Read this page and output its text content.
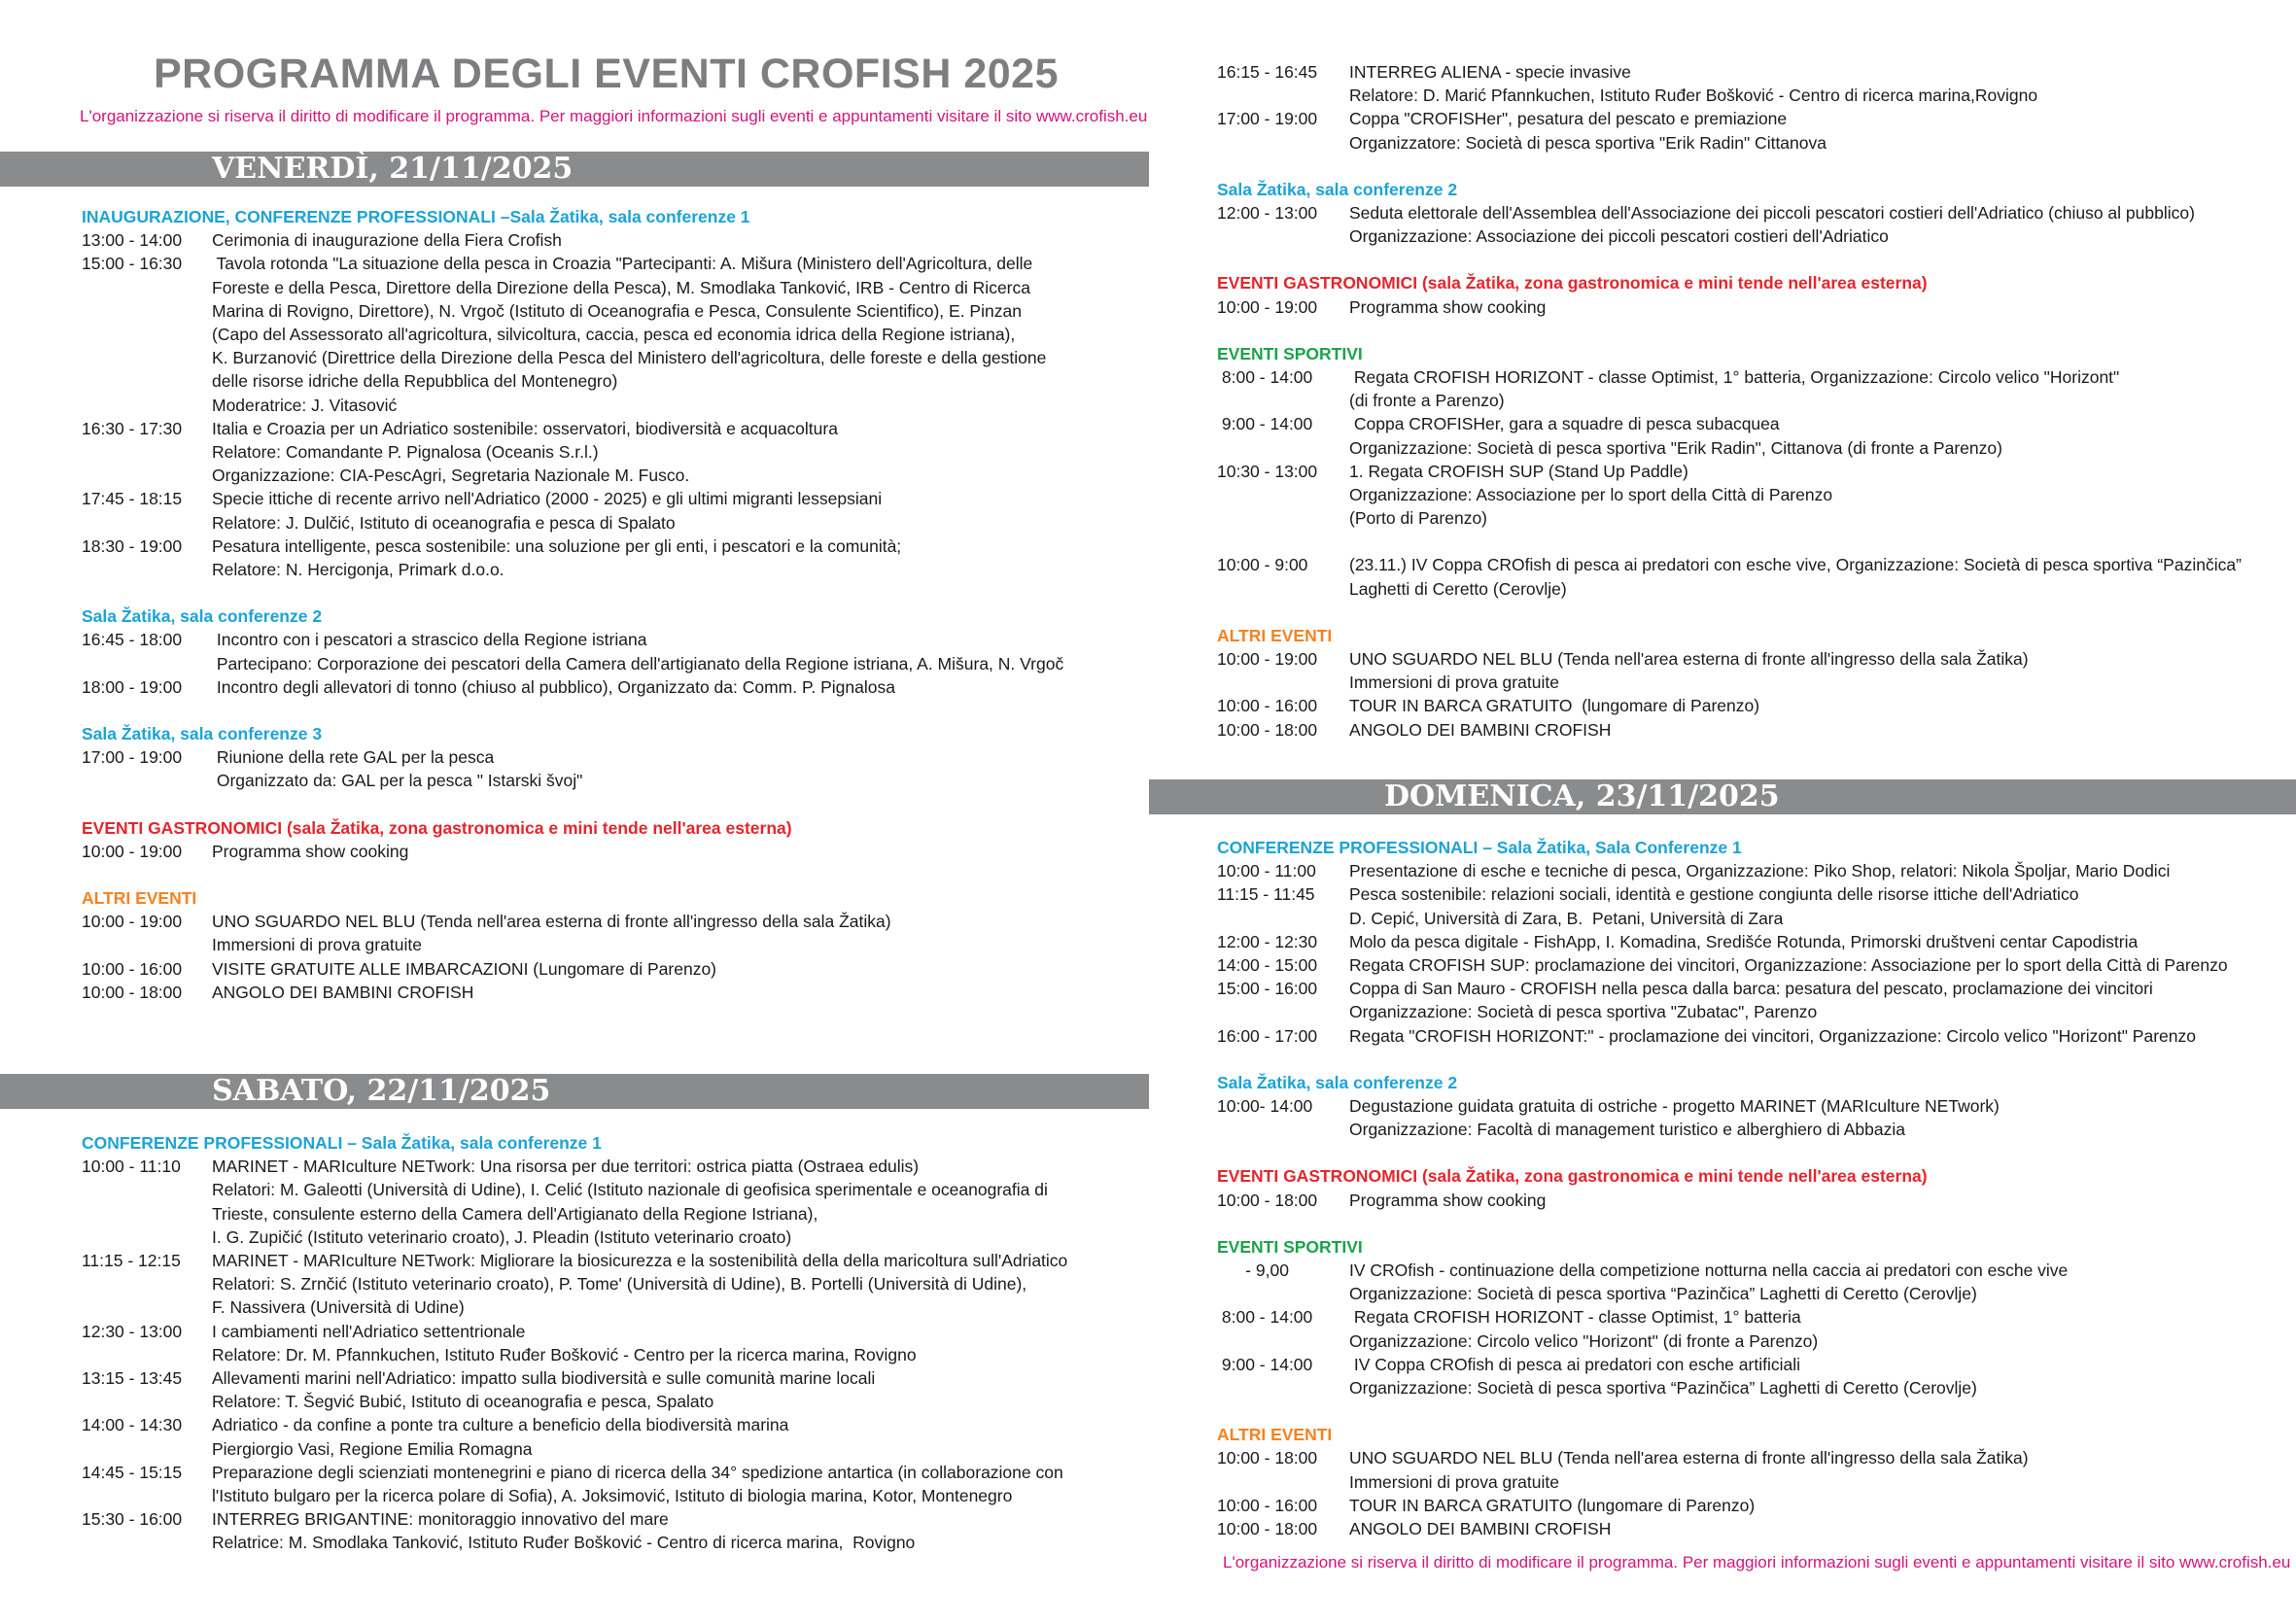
PROGRAMMA DEGLI EVENTI CROFISH 2025
L'organizzazione si riserva il diritto di modificare il programma. Per maggiori informazioni sugli eventi e appuntamenti visitare il sito www.crofish.eu
VENERDÌ, 21/11/2025
INAUGURAZIONE, CONFERENZE PROFESSIONALI –Sala Žatika, sala conferenze 1
13:00 - 14:00	Cerimonia di inaugurazione della Fiera Crofish
15:00 - 16:30	Tavola rotonda "La situazione della pesca in Croazia "Partecipanti: A. Mišura (Ministero dell'Agricoltura, delle
Foreste e della Pesca, Direttore della Direzione della Pesca), M. Smodlaka Tanković, IRB - Centro di Ricerca
Marina di Rovigno, Direttore), N. Vrgoč (Istituto di Oceanografia e Pesca, Consulente Scientifico), E. Pinzan
(Capo del Assessorato all'agricoltura, silvicoltura, caccia, pesca ed economia idrica della Regione istriana),
K. Burzanović (Direttrice della Direzione della Pesca del Ministero dell'agricoltura, delle foreste e della gestione
delle risorse idriche della Repubblica del Montenegro)
Moderatrice: J. Vitasović
16:30 - 17:30	Italia e Croazia per un Adriatico sostenibile: osservatori, biodiversità e acquacoltura
Relatore: Comandante P. Pignalosa (Oceanis S.r.l.)
Organizzazione: CIA-PescAgri, Segretaria Nazionale M. Fusco.
17:45 - 18:15	Specie ittiche di recente arrivo nell'Adriatico (2000 - 2025) e gli ultimi migranti lessepsiani
Relatore: J. Dulčić, Istituto di oceanografia e pesca di Spalato
18:30 - 19:00	Pesatura intelligente, pesca sostenibile: una soluzione per gli enti, i pescatori e la comunità;
Relatore: N. Hercigonja, Primark d.o.o.
Sala Žatika, sala conferenze 2
16:45 - 18:00	Incontro con i pescatori a strascico della Regione istriana
Partecipano: Corporazione dei pescatori della Camera dell'artigianato della Regione istriana, A. Mišura, N. Vrgoč
18:00 - 19:00	Incontro degli allevatori di tonno (chiuso al pubblico), Organizzato da: Comm. P. Pignalosa
Sala Žatika, sala conferenze 3
17:00 - 19:00	Riunione della rete GAL per la pesca
Organizzato da: GAL per la pesca " Istarski švoj"
EVENTI GASTRONOMICI (sala Žatika, zona gastronomica e mini tende nell'area esterna)
10:00 - 19:00	Programma show cooking
ALTRI EVENTI
10:00 - 19:00	UNO SGUARDO NEL BLU (Tenda nell'area esterna di fronte all'ingresso della sala Žatika)
Immersioni di prova gratuite
10:00 - 16:00	VISITE GRATUITE ALLE IMBARCAZIONI (Lungomare di Parenzo)
10:00 - 18:00	ANGOLO DEI BAMBINI CROFISH
SABATO, 22/11/2025
CONFERENZE PROFESSIONALI – Sala Žatika, sala conferenze 1
10:00 - 11:10	MARINET - MARIculture NETwork: Una risorsa per due territori: ostrica piatta (Ostraea edulis)
Relatori: M. Galeotti (Università di Udine), I. Celić (Istituto nazionale di geofisica sperimentale e oceanografia di
Trieste, consulente esterno della Camera dell'Artigianato della Regione Istriana),
I. G. Zupičić (Istituto veterinario croato), J. Pleadin (Istituto veterinario croato)
11:15 - 12:15	MARINET - MARIculture NETwork: Migliorare la biosicurezza e la sostenibilità della della maricoltura sull'Adriatico
Relatori: S. Zrnčić (Istituto veterinario croato), P. Tome' (Università di Udine), B. Portelli (Università di Udine),
F. Nassivera (Università di Udine)
12:30 - 13:00	I cambiamenti nell'Adriatico settentrionale
Relatore: Dr. M. Pfannkuchen, Istituto Ruđer Bošković - Centro per la ricerca marina, Rovigno
13:15 - 13:45	Allevamenti marini nell'Adriatico: impatto sulla biodiversità e sulle comunità marine locali
Relatore: T. Šegvić Bubić, Istituto di oceanografia e pesca, Spalato
14:00 - 14:30	Adriatico - da confine a ponte tra culture a beneficio della biodiversità marina
Piergiorgio Vasi, Regione Emilia Romagna
14:45 - 15:15	Preparazione degli scienziati montenegrini e piano di ricerca della 34° spedizione antartica (in collaborazione con
l'Istituto bulgaro per la ricerca polare di Sofia), A. Joksimović, Istituto di biologia marina, Kotor, Montenegro
15:30 - 16:00	INTERREG BRIGANTINE: monitoraggio innovativo del mare
Relatrice: M. Smodlaka Tanković, Istituto Ruđer Bošković - Centro di ricerca marina,  Rovigno
16:15 - 16:45	INTERREG ALIENA - specie invasive
Relatore: D. Marić Pfannkuchen, Istituto Ruđer Bošković - Centro di ricerca marina,Rovigno
17:00 - 19:00	Coppa "CROFISHer", pesatura del pescato e premiazione
Organizzatore: Società di pesca sportiva "Erik Radin" Cittanova
Sala Žatika, sala conferenze 2
12:00 - 13:00	Seduta elettorale dell'Assemblea dell'Associazione dei piccoli pescatori costieri dell'Adriatico (chiuso al pubblico)
Organizzazione: Associazione dei piccoli pescatori costieri dell'Adriatico
EVENTI GASTRONOMICI (sala Žatika, zona gastronomica e mini tende nell'area esterna)
10:00 - 19:00	Programma show cooking
EVENTI SPORTIVI
8:00 - 14:00	Regata CROFISH HORIZONT - classe Optimist, 1° batteria, Organizzazione: Circolo velico "Horizont"
(di fronte a Parenzo)
9:00 - 14:00	Coppa CROFISHer, gara a squadre di pesca subacquea
Organizzazione: Società di pesca sportiva "Erik Radin", Cittanova (di fronte a Parenzo)
10:30 - 13:00	1. Regata CROFISH SUP (Stand Up Paddle)
Organizzazione: Associazione per lo sport della Città di Parenzo
(Porto di Parenzo)
10:00 - 9:00	(23.11.) IV Coppa CROfish di pesca ai predatori con esche vive, Organizzazione: Società di pesca sportiva “Pazinčica”
Laghetti di Ceretto (Cerovlje)
ALTRI EVENTI
10:00 - 19:00	UNO SGUARDO NEL BLU (Tenda nell'area esterna di fronte all'ingresso della sala Žatika)
Immersioni di prova gratuite
10:00 - 16:00	TOUR IN BARCA GRATUITO  (lungomare di Parenzo)
10:00 - 18:00	ANGOLO DEI BAMBINI CROFISH
DOMENICA, 23/11/2025
CONFERENZE PROFESSIONALI – Sala Žatika, Sala Conferenze 1
10:00 - 11:00	Presentazione di esche e tecniche di pesca, Organizzazione: Piko Shop, relatori: Nikola Špoljar, Mario Dodici
11:15 - 11:45	Pesca sostenibile: relazioni sociali, identità e gestione congiunta delle risorse ittiche dell'Adriatico
D. Cepić, Università di Zara, B.  Petani, Università di Zara
12:00 - 12:30	Molo da pesca digitale - FishApp, I. Komadina, Središće Rotunda, Primorski društveni centar Capodistria
14:00 - 15:00	Regata CROFISH SUP: proclamazione dei vincitori, Organizzazione: Associazione per lo sport della Città di Parenzo
15:00 - 16:00	Coppa di San Mauro - CROFISH nella pesca dalla barca: pesatura del pescato, proclamazione dei vincitori
Organizzazione: Società di pesca sportiva "Zubatac", Parenzo
16:00 - 17:00	Regata "CROFISH HORIZONT:" - proclamazione dei vincitori, Organizzazione: Circolo velico "Horizont" Parenzo
Sala Žatika, sala conferenze 2
10:00- 14:00	Degustazione guidata gratuita di ostriche - progetto MARINET (MARIculture NETwork)
Organizzazione: Facoltà di management turistico e alberghiero di Abbazia
EVENTI GASTRONOMICI (sala Žatika, zona gastronomica e mini tende nell'area esterna)
10:00 - 18:00	Programma show cooking
EVENTI SPORTIVI
- 9,00	IV CROfish - continuazione della competizione notturna nella caccia ai predatori con esche vive
Organizzazione: Società di pesca sportiva “Pazinčica” Laghetti di Ceretto (Cerovlje)
8:00 - 14:00	Regata CROFISH HORIZONT - classe Optimist, 1° batteria
Organizzazione: Circolo velico "Horizont" (di fronte a Parenzo)
9:00 - 14:00	IV Coppa CROfish di pesca ai predatori con esche artificiali
Organizzazione: Società di pesca sportiva “Pazinčica” Laghetti di Ceretto (Cerovlje)
ALTRI EVENTI
10:00 - 18:00	UNO SGUARDO NEL BLU (Tenda nell'area esterna di fronte all'ingresso della sala Žatika)
Immersioni di prova gratuite
10:00 - 16:00	TOUR IN BARCA GRATUITO (lungomare di Parenzo)
10:00 - 18:00	ANGOLO DEI BAMBINI CROFISH
L'organizzazione si riserva il diritto di modificare il programma. Per maggiori informazioni sugli eventi e appuntamenti visitare il sito www.crofish.eu
